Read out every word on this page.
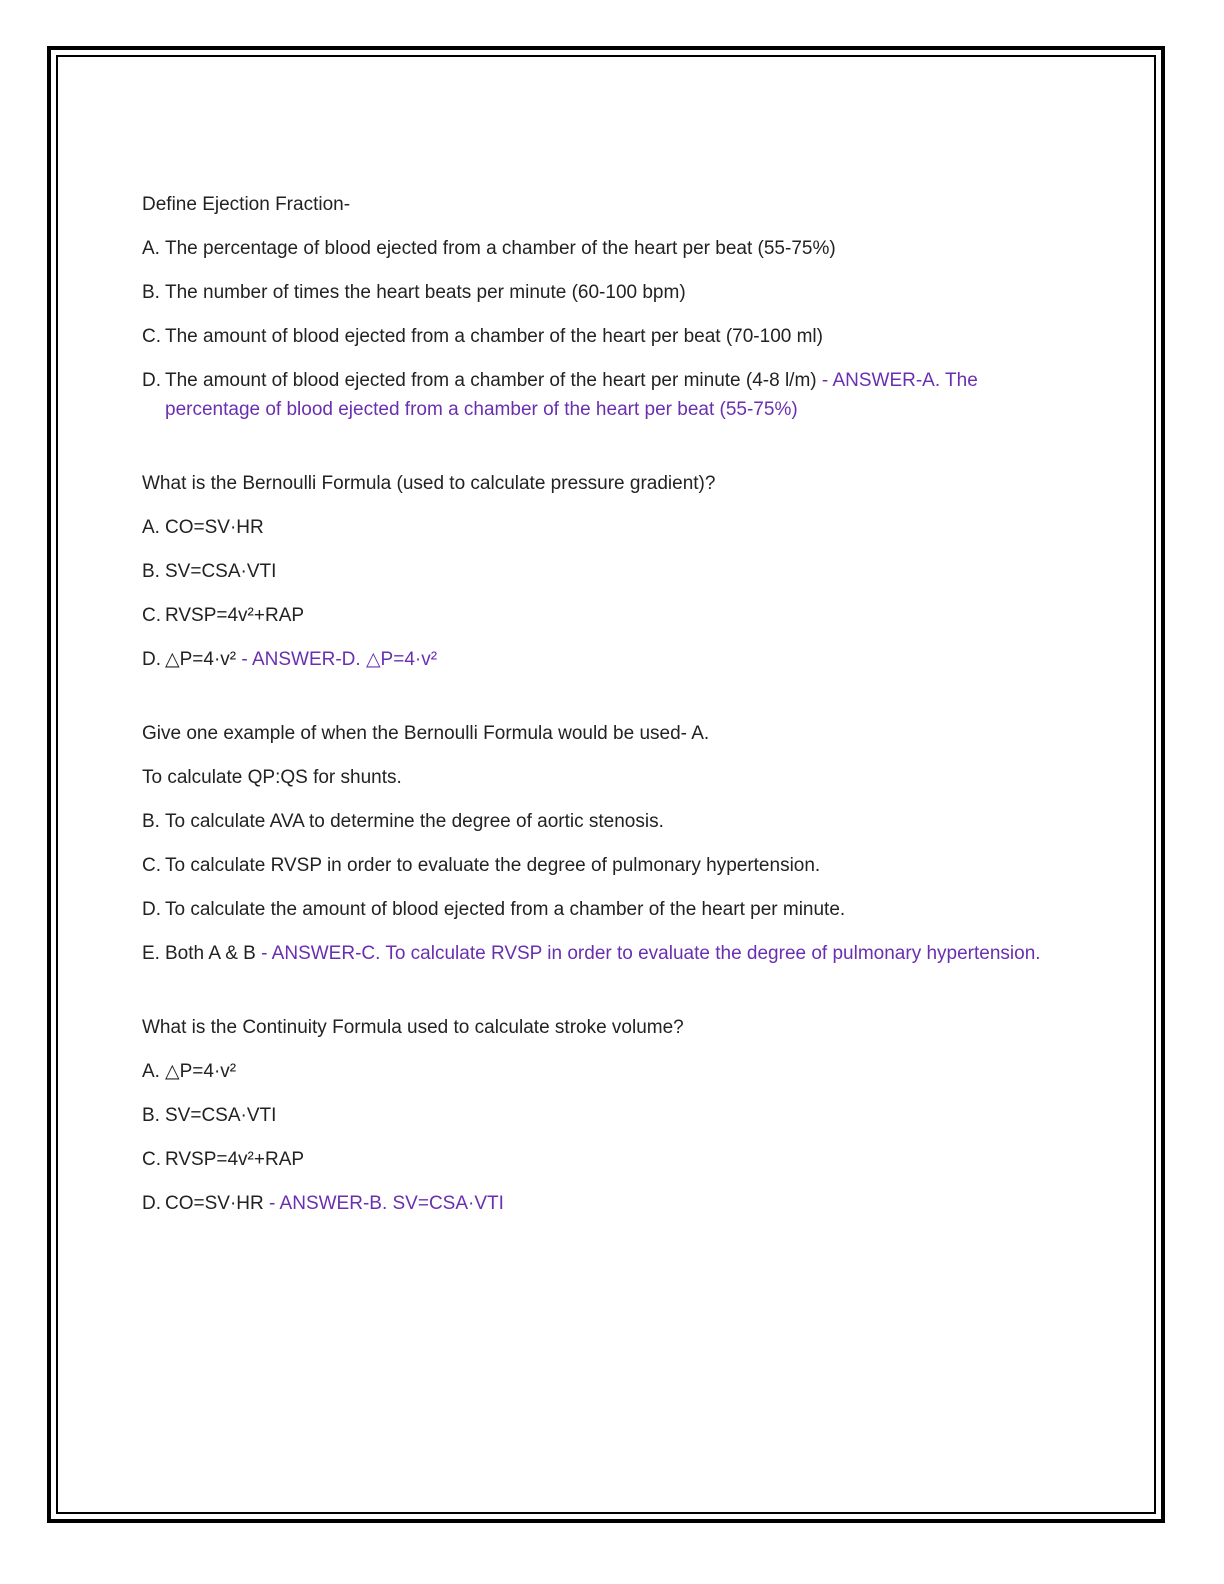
Define Ejection Fraction-

A. The percentage of blood ejected from a chamber of the heart per beat (55-75%)
B. The number of times the heart beats per minute (60-100 bpm)
C. The amount of blood ejected from a chamber of the heart per beat (70-100 ml)
D. The amount of blood ejected from a chamber of the heart per minute (4-8 l/m) - ANSWER-A. The percentage of blood ejected from a chamber of the heart per beat (55-75%)

What is the Bernoulli Formula (used to calculate pressure gradient)?

A. CO=SV·HR
B. SV=CSA·VTI
C. RVSP=4v²+RAP
D. △P=4·v² - ANSWER-D. △P=4·v²

Give one example of when the Bernoulli Formula would be used- A.

To calculate QP:QS for shunts.

B. To calculate AVA to determine the degree of aortic stenosis.
C. To calculate RVSP in order to evaluate the degree of pulmonary hypertension.
D. To calculate the amount of blood ejected from a chamber of the heart per minute.
E. Both A & B - ANSWER-C. To calculate RVSP in order to evaluate the degree of pulmonary hypertension.

What is the Continuity Formula used to calculate stroke volume?

A. △P=4·v²
B. SV=CSA·VTI
C. RVSP=4v²+RAP
D. CO=SV·HR - ANSWER-B. SV=CSA·VTI
